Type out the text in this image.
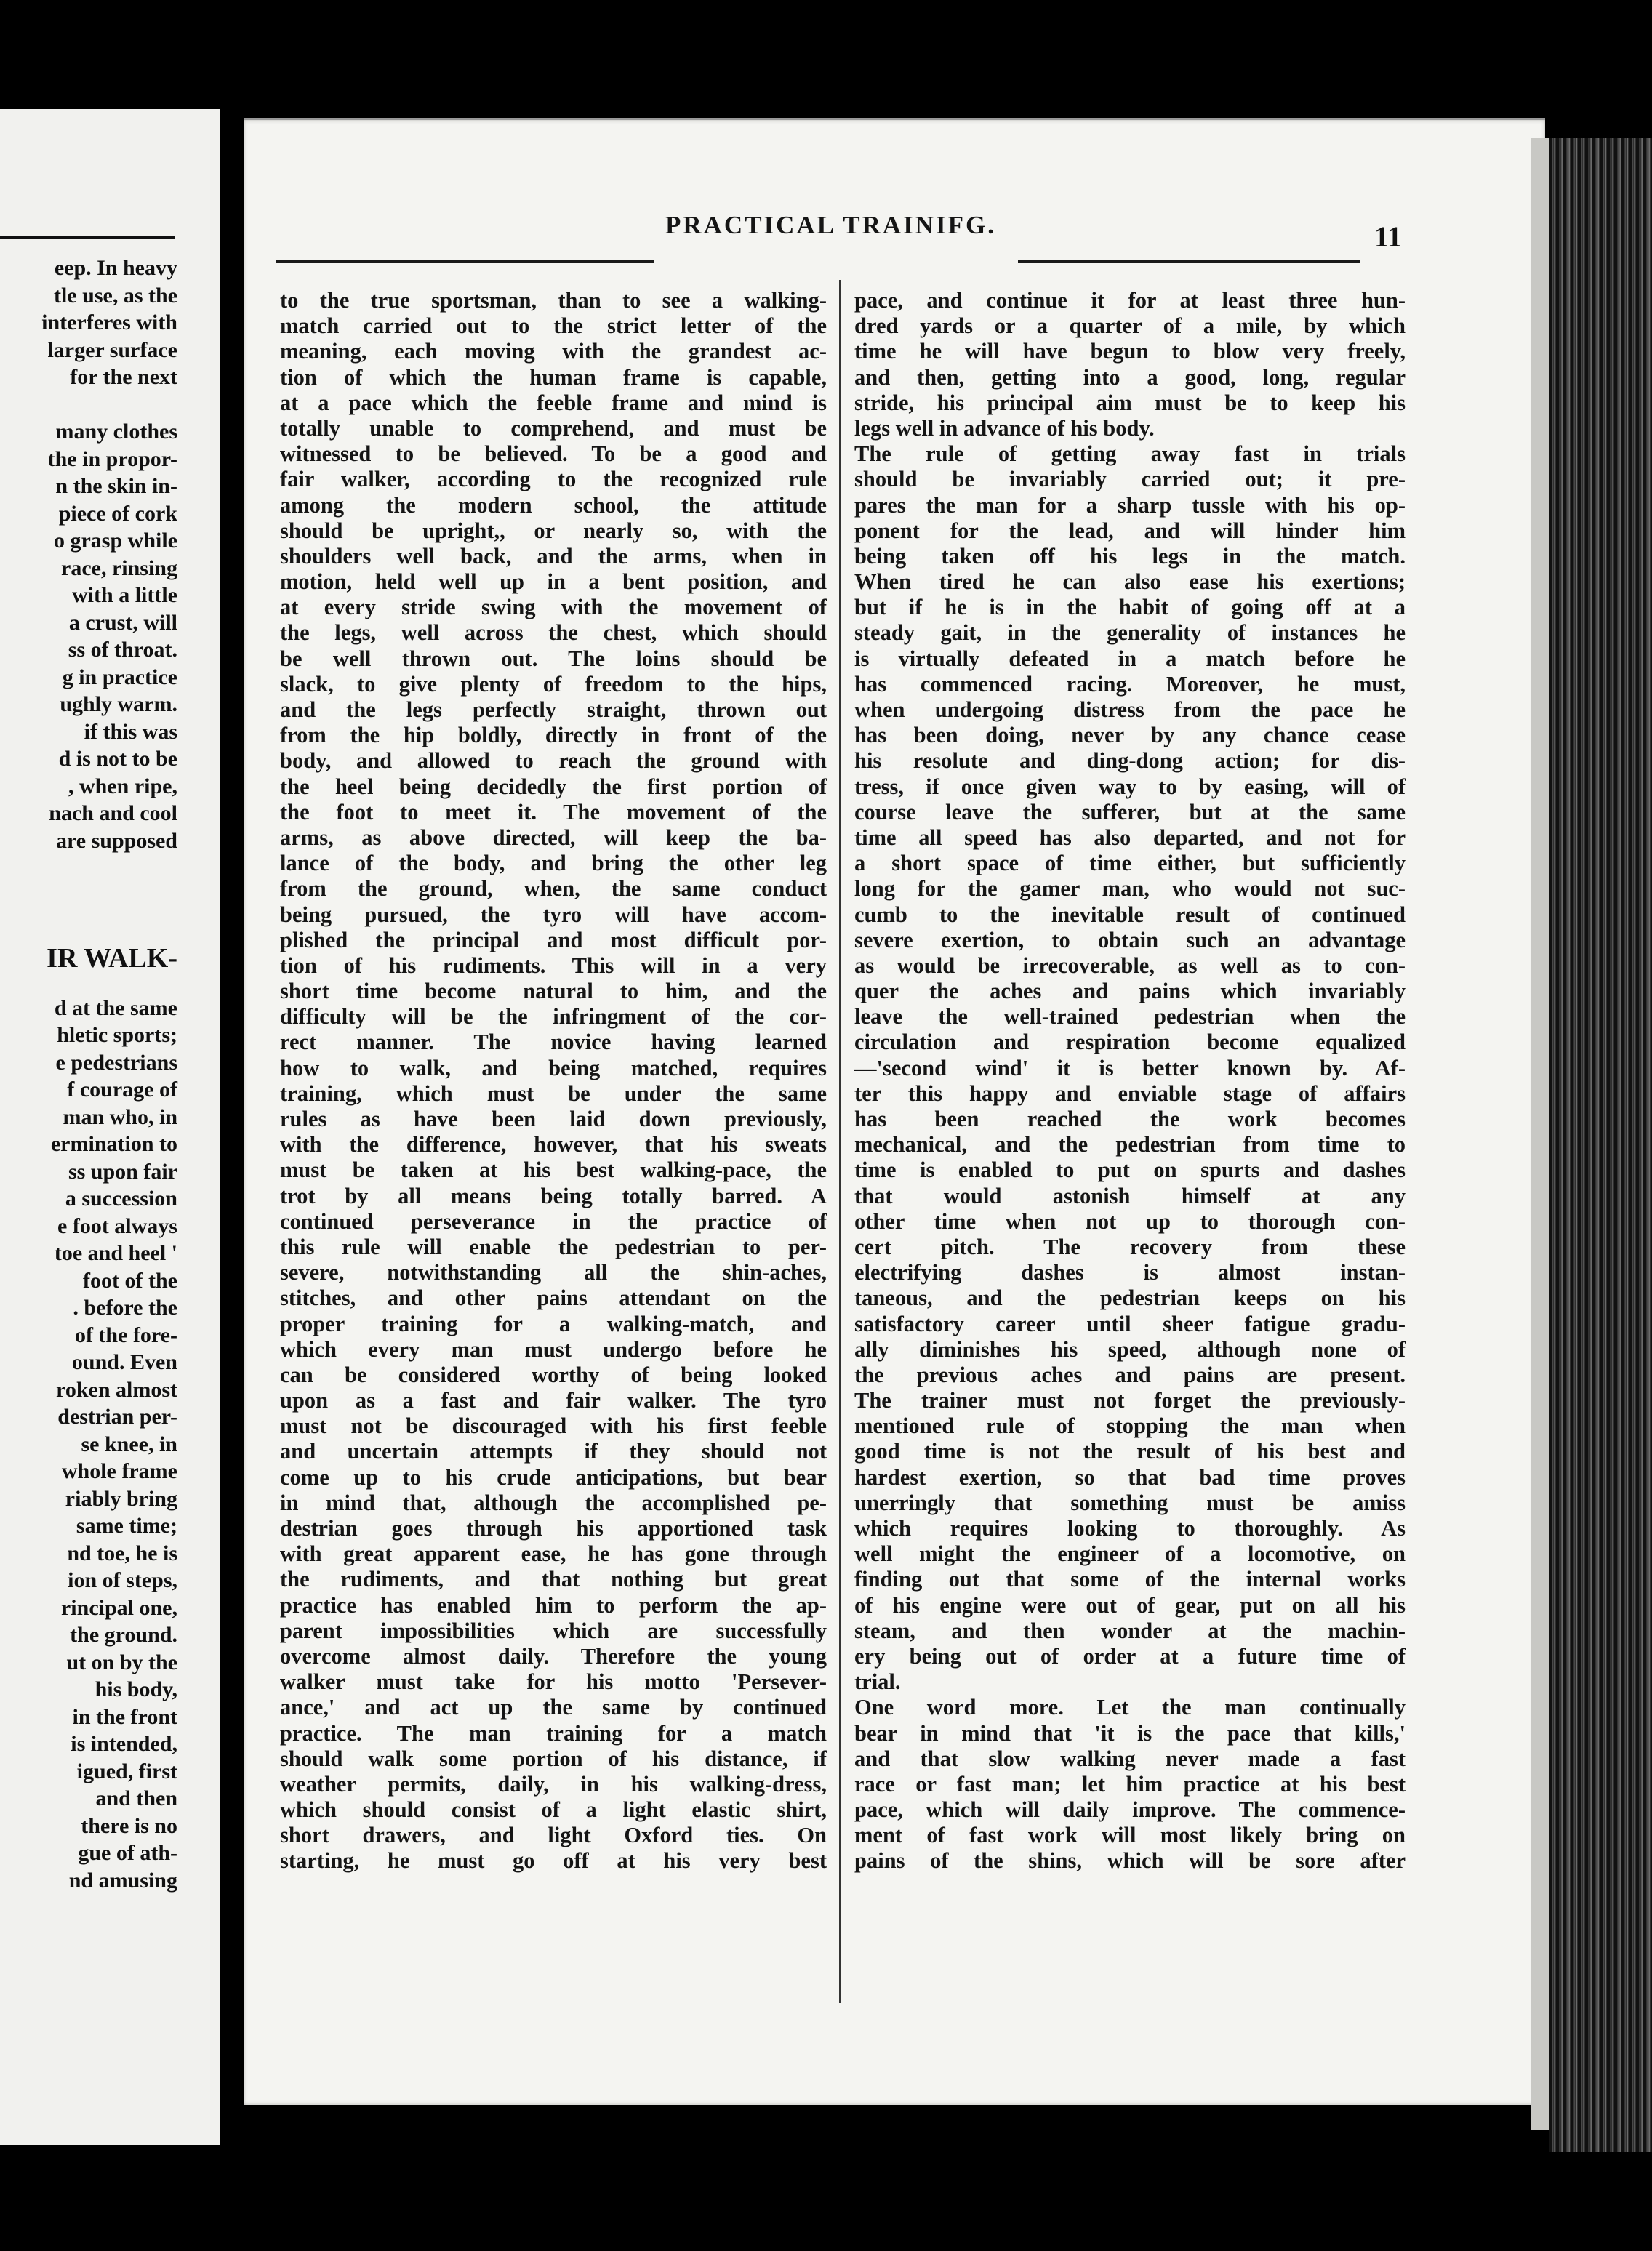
eep. In heavy
tle use, as the
interferes with
larger surface
for the next
many clothes
the in propor-
n the skin in-
piece of cork
o grasp while
race, rinsing
with a little
a crust, will
ss of throat.
g in practice
ughly warm.
if this was
d is not to be
, when ripe,
nach and cool
are supposed
IR WALK-
d at the same
hletic sports;
e pedestrians
f courage of
man who, in
ermination to
ss upon fair
a succession
e foot always
toe and heel '
foot of the
. before the
of the fore-
ound. Even
roken almost
destrian per-
se knee, in
whole frame
riably bring
same time;
nd toe, he is
ion of steps,
rincipal one,
the ground.
ut on by the
his body,
in the front
is intended,
igued, first
and then
there is no
gue of ath-
nd amusing
PRACTICAL TRAINIFG.	11
to the true sportsman, than to see a walking-
match carried out to the strict letter of the
meaning, each moving with the grandest ac-
tion of which the human frame is capable,
at a pace which the feeble frame and mind is
totally unable to comprehend, and must be
witnessed to be believed. To be a good and
fair walker, according to the recognized rule
among the modern school, the attitude
should be upright,, or nearly so, with the
shoulders well back, and the arms, when in
motion, held well up in a bent position, and
at every stride swing with the movement of
the legs, well across the chest, which should
be well thrown out. The loins should be
slack, to give plenty of freedom to the hips,
and the legs perfectly straight, thrown out
from the hip boldly, directly in front of the
body, and allowed to reach the ground with
the heel being decidedly the first portion of
the foot to meet it. The movement of the
arms, as above directed, will keep the ba-
lance of the body, and bring the other leg
from the ground, when, the same conduct
being pursued, the tyro will have accom-
plished the principal and most difficult por-
tion of his rudiments. This will in a very
short time become natural to him, and the
difficulty will be the infringment of the cor-
rect manner. The novice having learned
how to walk, and being matched, requires
training, which must be under the same
rules as have been laid down previously,
with the difference, however, that his sweats
must be taken at his best walking-pace, the
trot by all means being totally barred. A
continued perseverance in the practice of
this rule will enable the pedestrian to per-
severe, notwithstanding all the shin-aches,
stitches, and other pains attendant on the
proper training for a walking-match, and
which every man must undergo before he
can be considered worthy of being looked
upon as a fast and fair walker. The tyro
must not be discouraged with his first feeble
and uncertain attempts if they should not
come up to his crude anticipations, but bear
in mind that, although the accomplished pe-
destrian goes through his apportioned task
with great apparent ease, he has gone through
the rudiments, and that nothing but great
practice has enabled him to perform the ap-
parent impossibilities which are successfully
overcome almost daily. Therefore the young
walker must take for his motto 'Persever-
ance,' and act up the same by continued
practice. The man training for a match
should walk some portion of his distance, if
weather permits, daily, in his walking-dress,
which should consist of a light elastic shirt,
short drawers, and light Oxford ties. On
starting, he must go off at his very best
pace, and continue it for at least three hun-
dred yards or a quarter of a mile, by which
time he will have begun to blow very freely,
and then, getting into a good, long, regular
stride, his principal aim must be to keep his
legs well in advance of his body.
The rule of getting away fast in trials
should be invariably carried out; it pre-
pares the man for a sharp tussle with his op-
ponent for the lead, and will hinder him
being taken off his legs in the match.
When tired he can also ease his exertions;
but if he is in the habit of going off at a
steady gait, in the generality of instances he
is virtually defeated in a match before he
has commenced racing. Moreover, he must,
when undergoing distress from the pace he
has been doing, never by any chance cease
his resolute and ding-dong action; for dis-
tress, if once given way to by easing, will of
course leave the sufferer, but at the same
time all speed has also departed, and not for
a short space of time either, but sufficiently
long for the gamer man, who would not suc-
cumb to the inevitable result of continued
severe exertion, to obtain such an advantage
as would be irrecoverable, as well as to con-
quer the aches and pains which invariably
leave the well-trained pedestrian when the
circulation and respiration become equalized
—'second wind' it is better known by. Af-
ter this happy and enviable stage of affairs
has been reached the work becomes
mechanical, and the pedestrian from time to
time is enabled to put on spurts and dashes
that would astonish himself at any
other time when not up to thorough con-
cert pitch. The recovery from these
electrifying dashes is almost instan-
taneous, and the pedestrian keeps on his
satisfactory career until sheer fatigue gradu-
ally diminishes his speed, although none of
the previous aches and pains are present.
The trainer must not forget the previously-
mentioned rule of stopping the man when
good time is not the result of his best and
hardest exertion, so that bad time proves
unerringly that something must be amiss
which requires looking to thoroughly. As
well might the engineer of a locomotive, on
finding out that some of the internal works
of his engine were out of gear, put on all his
steam, and then wonder at the machin-
ery being out of order at a future time of
trial.
One word more. Let the man continually
bear in mind that 'it is the pace that kills,'
and that slow walking never made a fast
race or fast man; let him practice at his best
pace, which will daily improve. The commence-
ment of fast work will most likely bring on
pains of the shins, which will be sore after
